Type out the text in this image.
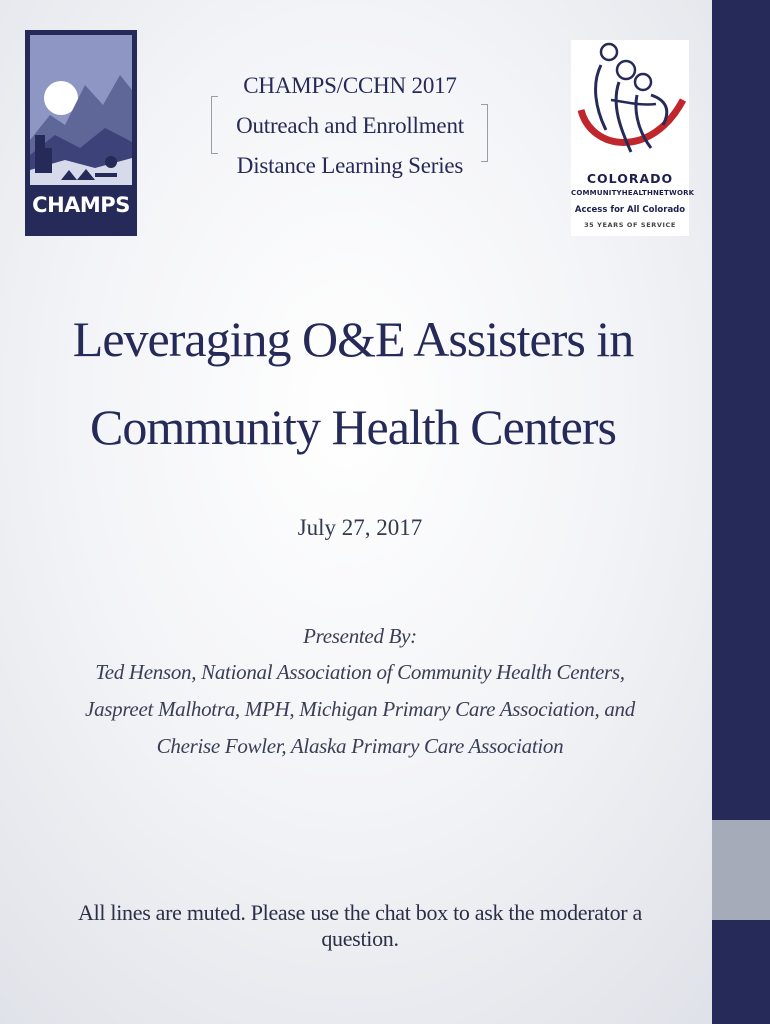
CHAMPS
COLORADO
COMMUNITYHEALTHNETWORK
Access for All Colorado
35 YEARS OF SERVICE
CHAMPS/CCHN 2017
Outreach and Enrollment
Distance Learning Series
Leveraging O&E Assisters in
Community Health Centers
July 27, 2017
Presented By:
Ted Henson, National Association of Community Health Centers,
Jaspreet Malhotra, MPH, Michigan Primary Care Association, and
Cherise Fowler, Alaska Primary Care Association
All lines are muted. Please use the chat box to ask the moderator a question.
